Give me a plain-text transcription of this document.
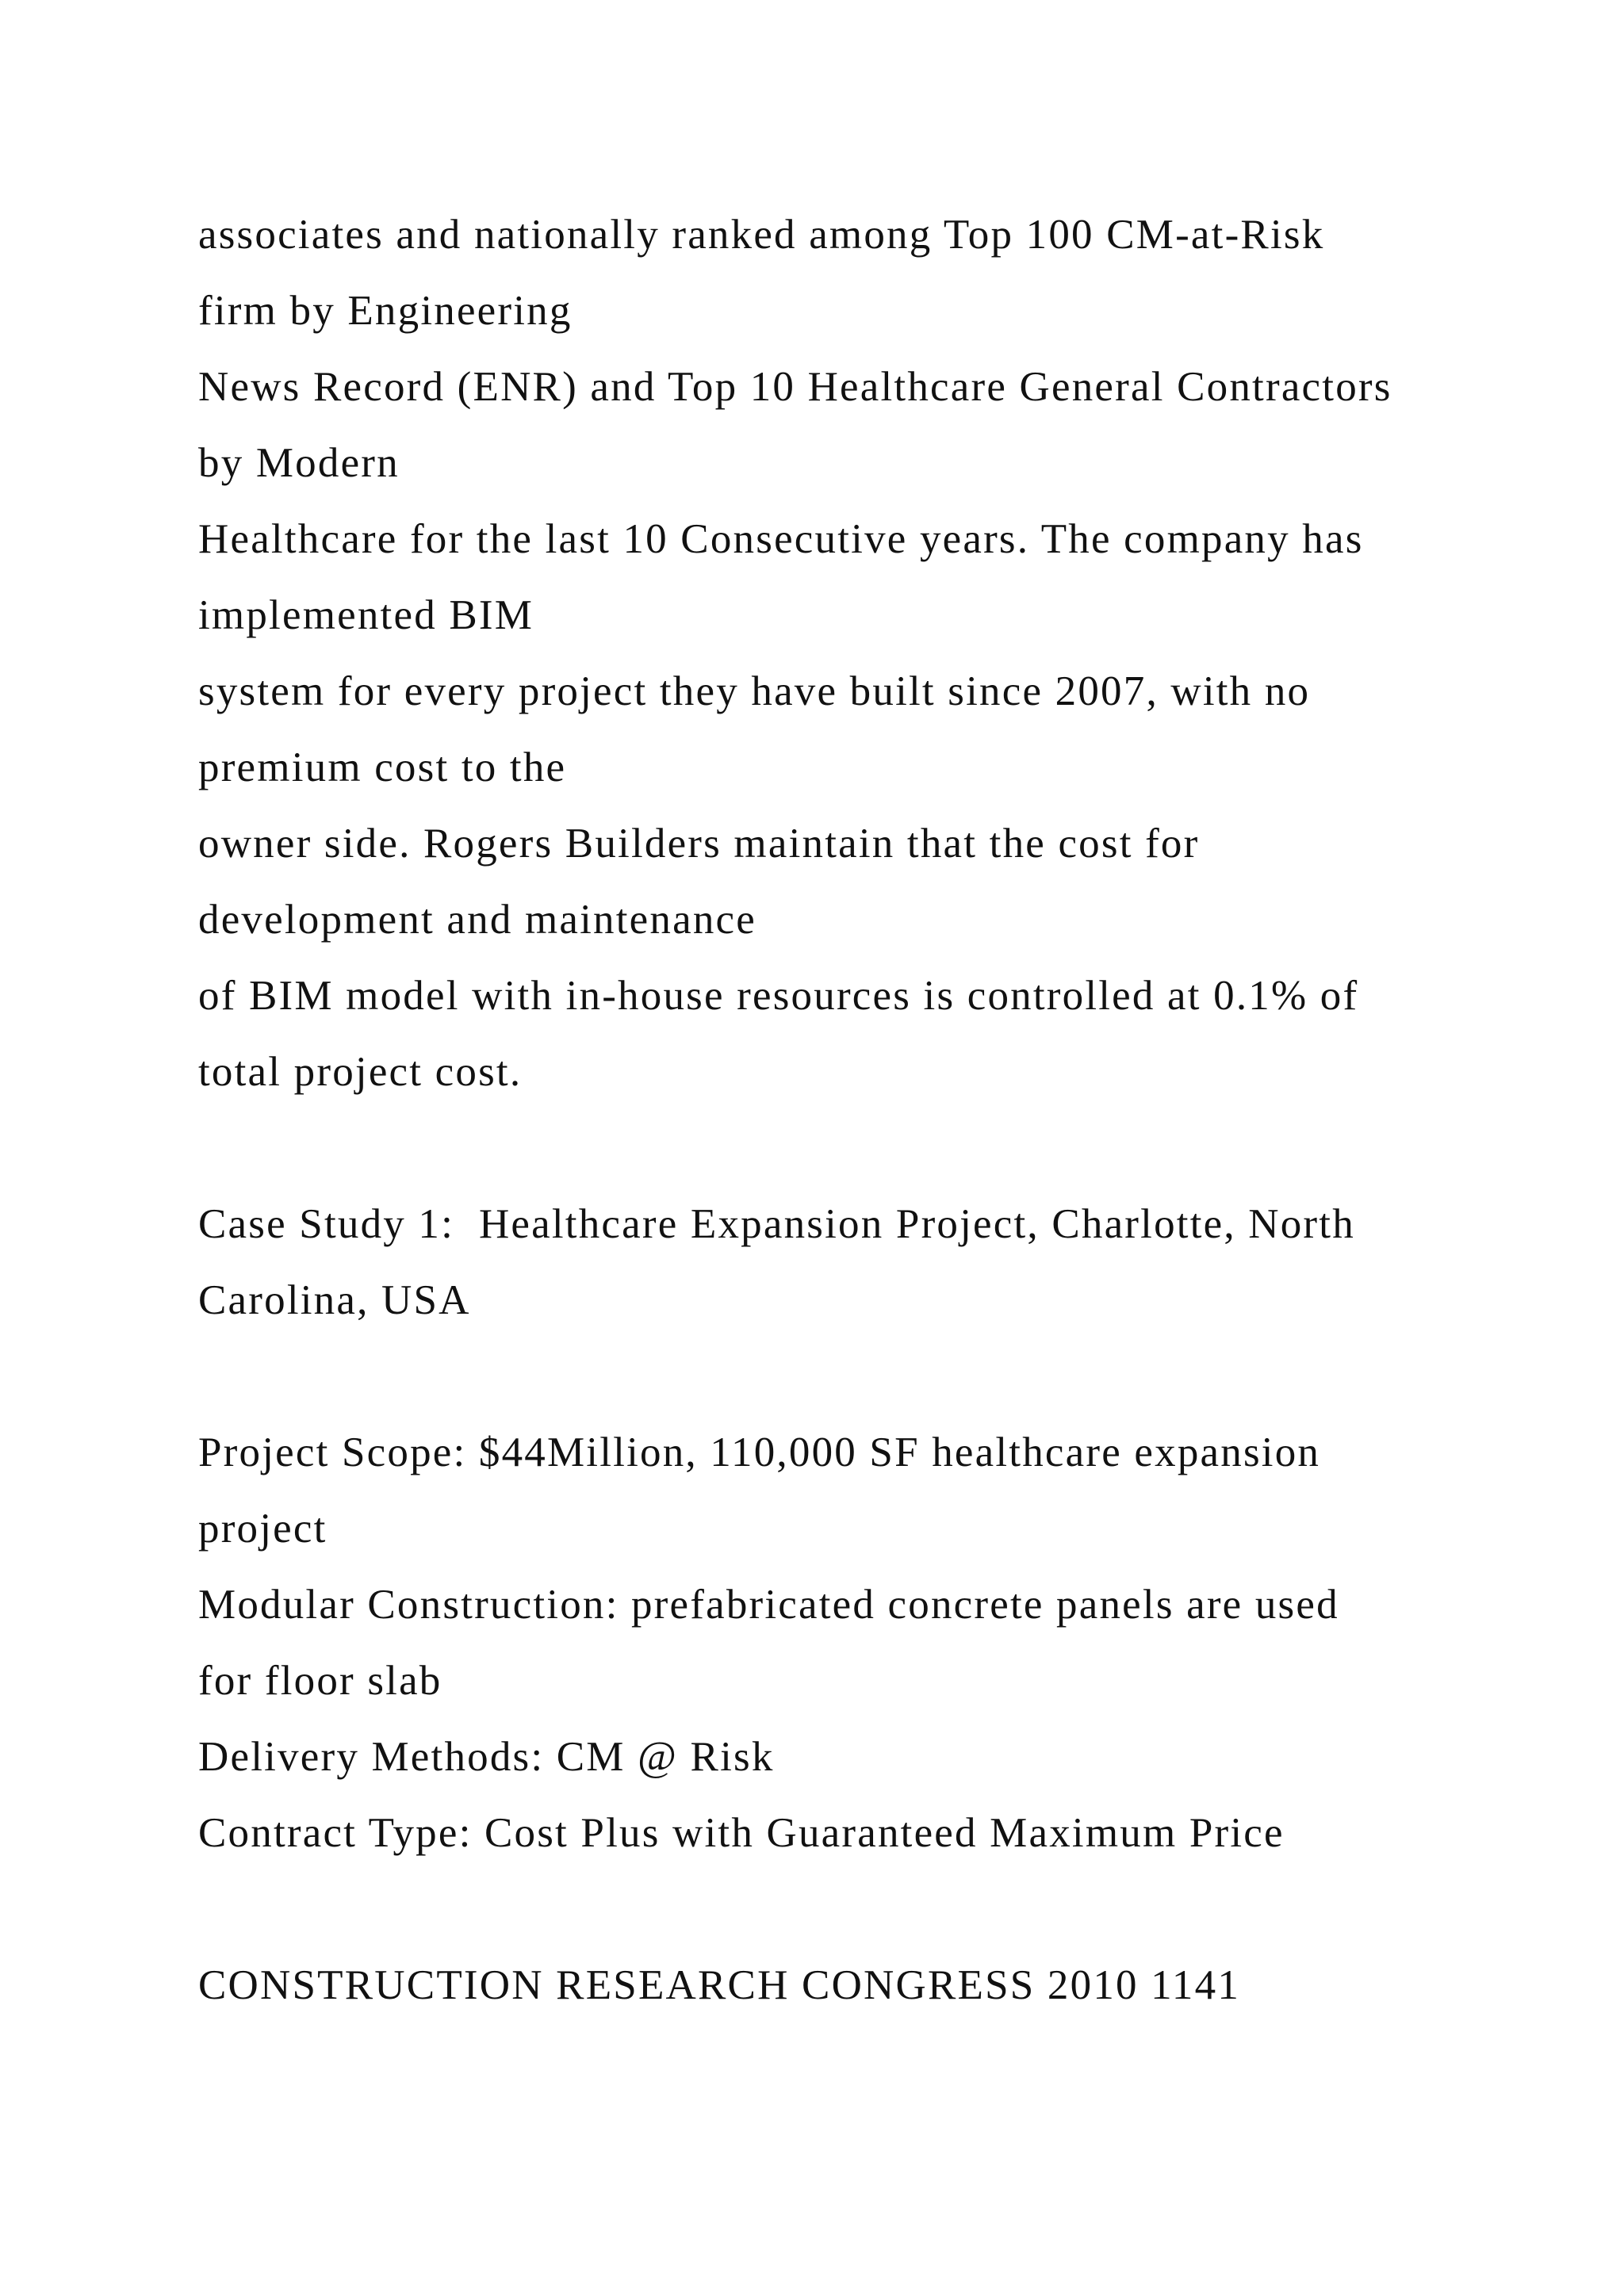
associates and nationally ranked among Top 100 CM-at-Risk
firm by Engineering
News Record (ENR) and Top 10 Healthcare General Contractors
by Modern
Healthcare for the last 10 Consecutive years. The company has
implemented BIM
system for every project they have built since 2007, with no
premium cost to the
owner side. Rogers Builders maintain that the cost for
development and maintenance
of BIM model with in-house resources is controlled at 0.1% of
total project cost.
Case Study 1:  Healthcare Expansion Project, Charlotte, North
Carolina, USA
Project Scope: $44Million, 110,000 SF healthcare expansion
project
Modular Construction: prefabricated concrete panels are used
for floor slab
Delivery Methods: CM @ Risk
Contract Type: Cost Plus with Guaranteed Maximum Price
CONSTRUCTION RESEARCH CONGRESS 2010 1141
